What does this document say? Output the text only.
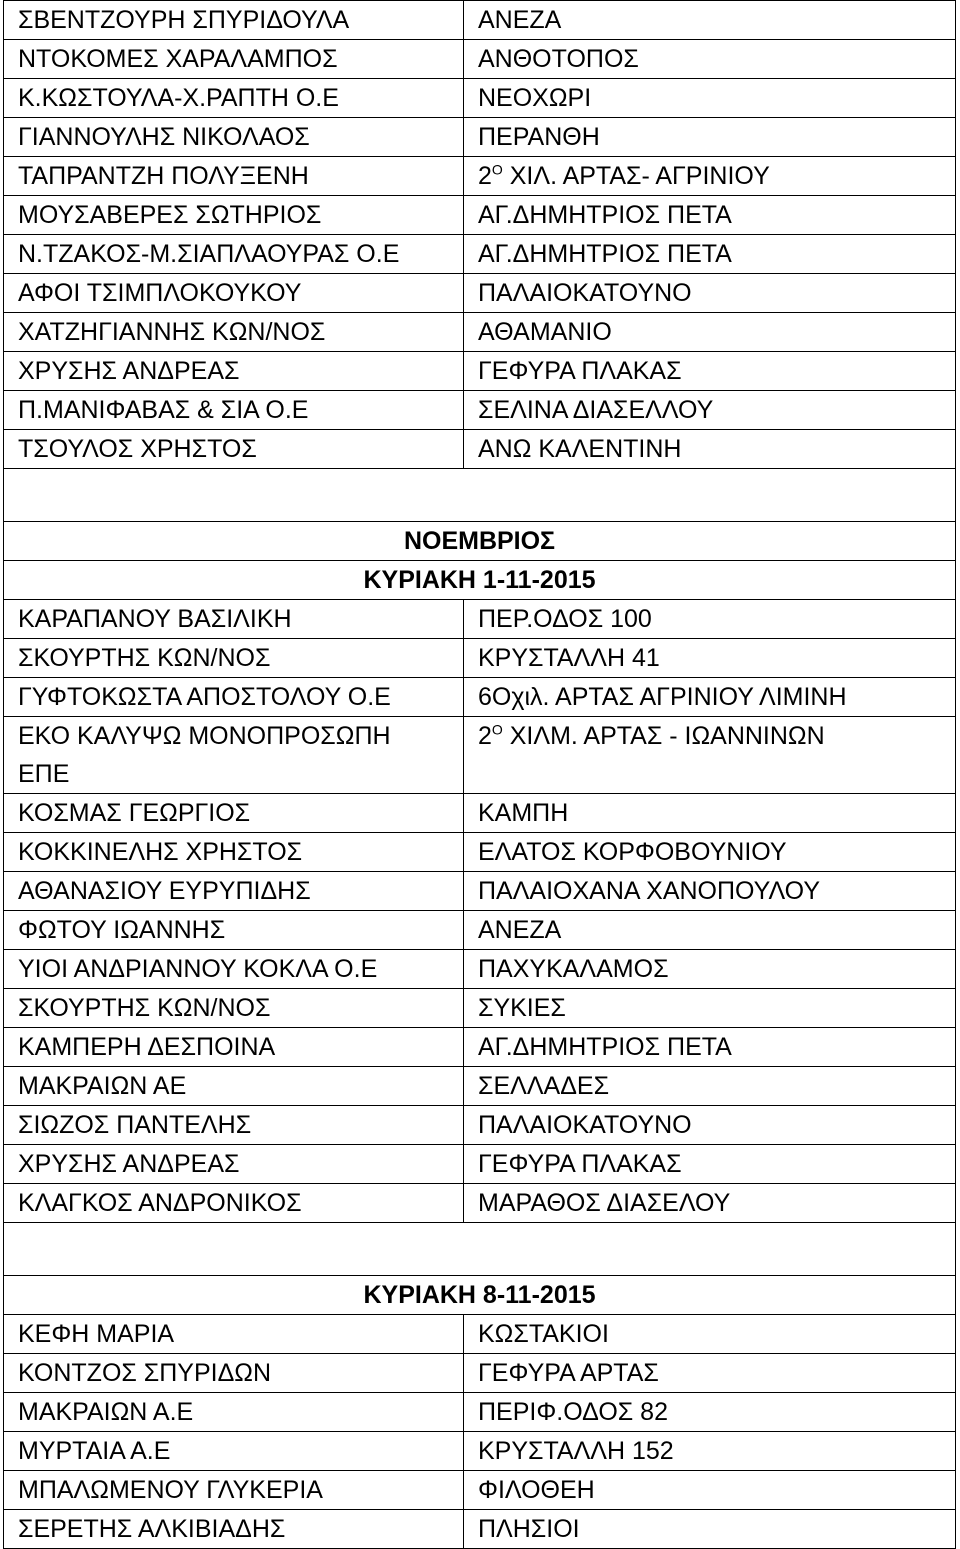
ΣΒΕΝΤΖΟΥΡΗ ΣΠΥΡΙΔΟΥΛΑ	ΑΝΕΖΑ
ΝΤΟΚΟΜΕΣ ΧΑΡΑΛΑΜΠΟΣ	ΑΝΘΟΤΟΠΟΣ
Κ.ΚΩΣΤΟΥΛΑ-Χ.ΡΑΠΤΗ Ο.Ε	ΝΕΟΧΩΡΙ
ΓΙΑΝΝΟΥΛΗΣ ΝΙΚΟΛΑΟΣ	ΠΕΡΑΝΘΗ
ΤΑΠΡΑΝΤΖΗ ΠΟΛΥΞΕΝΗ	$2^O$ ΧΙΛ. ΑΡΤΑΣ- ΑΓΡΙΝΙΟΥ
ΜΟΥΣΑΒΕΡΕΣ ΣΩΤΗΡΙΟΣ	ΑΓ.ΔΗΜΗΤΡΙΟΣ ΠΕΤΑ
Ν.ΤΖΑΚΟΣ-Μ.ΣΙΑΠΛΑΟΥΡΑΣ Ο.Ε	ΑΓ.ΔΗΜΗΤΡΙΟΣ ΠΕΤΑ
ΑΦΟΙ ΤΣΙΜΠΛΟΚΟΥΚΟΥ	ΠΑΛΑΙΟΚΑΤΟΥΝΟ
ΧΑΤΖΗΓΙΑΝΝΗΣ ΚΩΝ/ΝΟΣ	ΑΘΑΜΑΝΙΟ
ΧΡΥΣΗΣ ΑΝΔΡΕΑΣ	ΓΕΦΥΡΑ ΠΛΑΚΑΣ
Π.ΜΑΝΙΦΑΒΑΣ & ΣΙΑ Ο.Ε	ΣΕΛΙΝΑ ΔΙΑΣΕΛΛΟΥ
ΤΣΟΥΛΟΣ ΧΡΗΣΤΟΣ	ΑΝΩ ΚΑΛΕΝΤΙΝΗ

ΝΟΕΜΒΡΙΟΣ	
ΚΥΡΙΑΚΗ 1-11-2015	
ΚΑΡΑΠΑΝΟΥ ΒΑΣΙΛΙΚΗ	ΠΕΡ.ΟΔΟΣ 100
ΣΚΟΥΡΤΗΣ ΚΩΝ/ΝΟΣ	ΚΡΥΣΤΑΛΛΗ 41
ΓΥΦΤΟΚΩΣΤΑ ΑΠΟΣΤΟΛΟΥ Ο.Ε	6Οχιλ. ΑΡΤΑΣ ΑΓΡΙΝΙΟΥ ΛΙΜΙΝΗ
ΕΚΟ ΚΑΛΥΨΩ ΜΟΝΟΠΡΟΣΩΠΗ
ΕΠΕ	$2^O$ ΧΙΛΜ. ΑΡΤΑΣ - ΙΩΑΝΝΙΝΩΝ
ΚΟΣΜΑΣ ΓΕΩΡΓΙΟΣ	ΚΑΜΠΗ
ΚΟΚΚΙΝΕΛΗΣ ΧΡΗΣΤΟΣ	ΕΛΑΤΟΣ ΚΟΡΦΟΒΟΥΝΙΟΥ
ΑΘΑΝΑΣΙΟΥ ΕΥΡΥΠΙΔΗΣ	ΠΑΛΑΙΟΧΑΝΑ ΧΑΝΟΠΟΥΛΟΥ
ΦΩΤΟΥ ΙΩΑΝΝΗΣ	ΑΝΕΖΑ
ΥΙΟΙ ΑΝΔΡΙΑΝΝΟΥ ΚΟΚΛΑ Ο.Ε	ΠΑΧΥΚΑΛΑΜΟΣ
ΣΚΟΥΡΤΗΣ ΚΩΝ/ΝΟΣ	ΣΥΚΙΕΣ
ΚΑΜΠΕΡΗ ΔΕΣΠΟΙΝΑ	ΑΓ.ΔΗΜΗΤΡΙΟΣ ΠΕΤΑ
ΜΑΚΡΑΙΩΝ ΑΕ	ΣΕΛΛΑΔΕΣ
ΣΙΩΖΟΣ ΠΑΝΤΕΛΗΣ	ΠΑΛΑΙΟΚΑΤΟΥΝΟ
ΧΡΥΣΗΣ ΑΝΔΡΕΑΣ	ΓΕΦΥΡΑ ΠΛΑΚΑΣ
ΚΛΑΓΚΟΣ ΑΝΔΡΟΝΙΚΟΣ	ΜΑΡΑΘΟΣ ΔΙΑΣΕΛΟΥ

ΚΥΡΙΑΚΗ 8-11-2015	
ΚΕΦΗ ΜΑΡΙΑ	ΚΩΣΤΑΚΙΟΙ
ΚΟΝΤΖΟΣ ΣΠΥΡΙΔΩΝ	ΓΕΦΥΡΑ ΑΡΤΑΣ
ΜΑΚΡΑΙΩΝ Α.Ε	ΠΕΡΙΦ.ΟΔΟΣ 82
ΜΥΡΤΑΙΑ Α.Ε	ΚΡΥΣΤΑΛΛΗ 152
ΜΠΑΛΩΜΕΝΟΥ ΓΛΥΚΕΡΙΑ	ΦΙΛΟΘΕΗ
ΣΕΡΕΤΗΣ ΑΛΚΙΒΙΑΔΗΣ	ΠΛΗΣΙΟΙ
